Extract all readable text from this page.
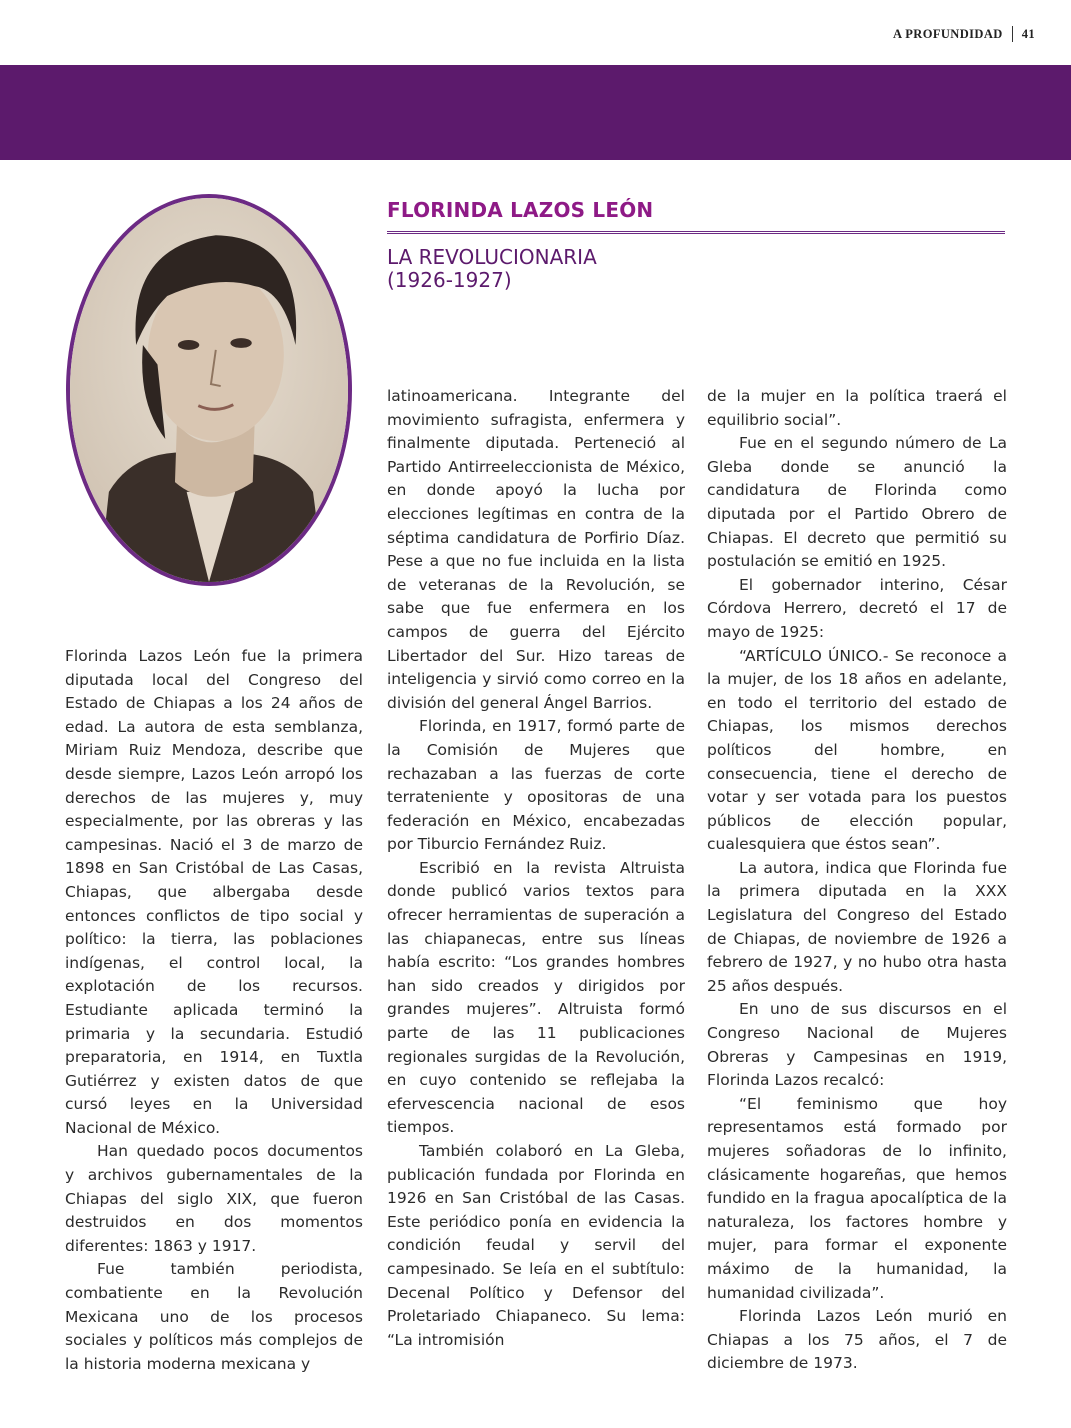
A PROFUNDIDAD 41
FLORINDA LAZOS LEÓN
LA REVOLUCIONARIA
(1926-1927)

Florinda Lazos León fue la primera diputada local del Congreso del Estado de Chiapas a los 24 años de edad. La autora de esta semblanza, Miriam Ruiz Mendoza, describe que desde siempre, Lazos León arropó los derechos de las mujeres y, muy especialmente, por las obreras y las campesinas. Nació el 3 de marzo de 1898 en San Cristóbal de Las Casas, Chiapas, que albergaba desde entonces conflictos de tipo social y político: la tierra, las poblaciones indígenas, el control local, la explotación de los recursos. Estudiante aplicada terminó la primaria y la secundaria. Estudió preparatoria, en 1914, en Tuxtla Gutiérrez y existen datos de que cursó leyes en la Universidad Nacional de México.

Han quedado pocos documentos y archivos gubernamentales de la Chiapas del siglo XIX, que fueron destruidos en dos momentos diferentes: 1863 y 1917.

Fue también periodista, combatiente en la Revolución Mexicana uno de los procesos sociales y políticos más complejos de la historia moderna mexicana y

latinoamericana. Integrante del movimiento sufragista, enfermera y finalmente diputada. Perteneció al Partido Antirreeleccionista de México, en donde apoyó la lucha por elecciones legítimas en contra de la séptima candidatura de Porfirio Díaz. Pese a que no fue incluida en la lista de veteranas de la Revolución, se sabe que fue enfermera en los campos de guerra del Ejército Libertador del Sur. Hizo tareas de inteligencia y sirvió como correo en la división del general Ángel Barrios.

Florinda, en 1917, formó parte de la Comisión de Mujeres que rechazaban a las fuerzas de corte terrateniente y opositoras de una federación en México, encabezadas por Tiburcio Fernández Ruiz.

Escribió en la revista Altruista donde publicó varios textos para ofrecer herramientas de superación a las chiapanecas, entre sus líneas había escrito: “Los grandes hombres han sido creados y dirigidos por grandes mujeres”. Altruista formó parte de las 11 publicaciones regionales surgidas de la Revolución, en cuyo contenido se reflejaba la efervescencia nacional de esos tiempos.

También colaboró en La Gleba, publicación fundada por Florinda en 1926 en San Cristóbal de las Casas. Este periódico ponía en evidencia la condición feudal y servil del campesinado. Se leía en el subtítulo: Decenal Político y Defensor del Proletariado Chiapaneco. Su lema: “La intromisión

de la mujer en la política traerá el equilibrio social”.

Fue en el segundo número de La Gleba donde se anunció la candidatura de Florinda como diputada por el Partido Obrero de Chiapas. El decreto que permitió su postulación se emitió en 1925.

El gobernador interino, César Córdova Herrero, decretó el 17 de mayo de 1925:

“ARTÍCULO ÚNICO.- Se reconoce a la mujer, de los 18 años en adelante, en todo el territorio del estado de Chiapas, los mismos derechos políticos del hombre, en consecuencia, tiene el derecho de votar y ser votada para los puestos públicos de elección popular, cualesquiera que éstos sean”.

La autora, indica que Florinda fue la primera diputada en la XXX Legislatura del Congreso del Estado de Chiapas, de noviembre de 1926 a febrero de 1927, y no hubo otra hasta 25 años después.

En uno de sus discursos en el Congreso Nacional de Mujeres Obreras y Campesinas en 1919, Florinda Lazos recalcó:

“El feminismo que hoy representamos está formado por mujeres soñadoras de lo infinito, clásicamente hogareñas, que hemos fundido en la fragua apocalíptica de la naturaleza, los factores hombre y mujer, para formar el exponente máximo de la humanidad, la humanidad civilizada”.

Florinda Lazos León murió en Chiapas a los 75 años, el 7 de diciembre de 1973.
